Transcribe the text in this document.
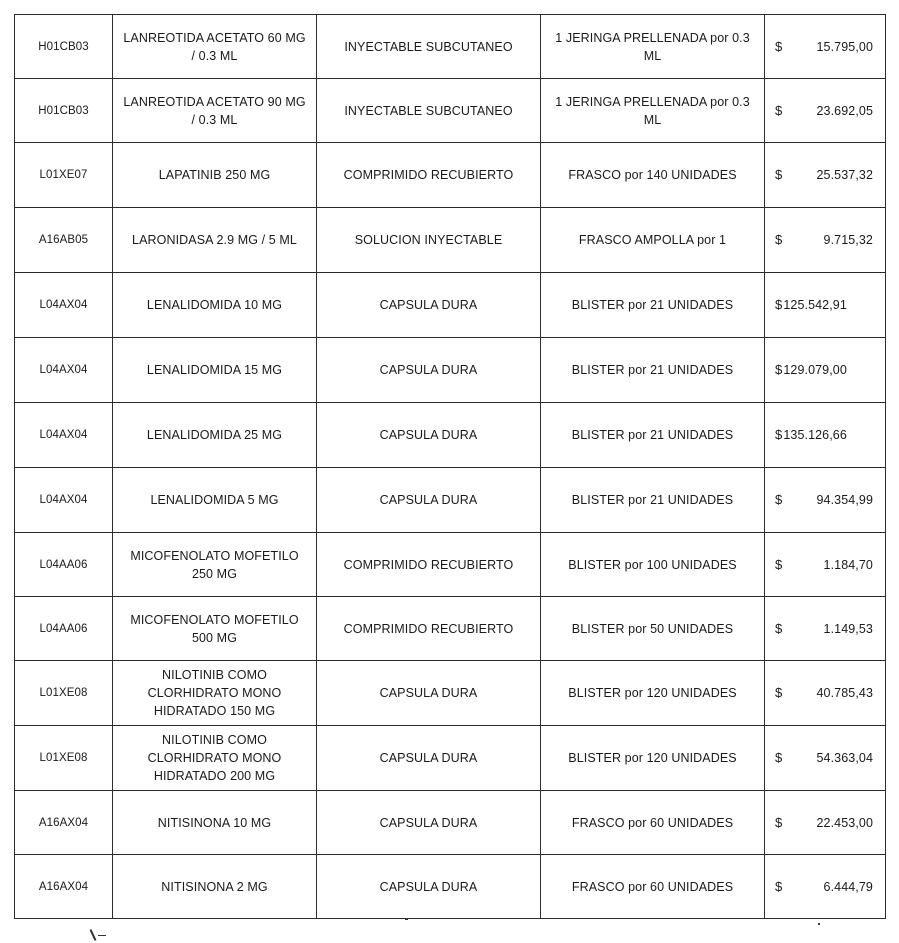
H01CB03	LANREOTIDA ACETATO 60 MG / 0.3 ML	INYECTABLE SUBCUTANEO	1 JERINGA PRELLENADA por 0.3 ML	$ 15.795,00

H01CB03	LANREOTIDA ACETATO 90 MG / 0.3 ML	INYECTABLE SUBCUTANEO	1 JERINGA PRELLENADA por 0.3 ML	$ 23.692,05

L01XE07	LAPATINIB 250 MG	COMPRIMIDO RECUBIERTO	FRASCO por 140 UNIDADES	$ 25.537,32

A16AB05	LARONIDASA 2.9 MG / 5 ML	SOLUCION INYECTABLE	FRASCO AMPOLLA por 1	$ 9.715,32

L04AX04	LENALIDOMIDA 10 MG	CAPSULA DURA	BLISTER por 21 UNIDADES	$ 125.542,91

L04AX04	LENALIDOMIDA 15 MG	CAPSULA DURA	BLISTER por 21 UNIDADES	$ 129.079,00

L04AX04	LENALIDOMIDA 25 MG	CAPSULA DURA	BLISTER por 21 UNIDADES	$ 135.126,66

L04AX04	LENALIDOMIDA 5 MG	CAPSULA DURA	BLISTER por 21 UNIDADES	$ 94.354,99

L04AA06	MICOFENOLATO MOFETILO 250 MG	COMPRIMIDO RECUBIERTO	BLISTER por 100 UNIDADES	$ 1.184,70

L04AA06	MICOFENOLATO MOFETILO 500 MG	COMPRIMIDO RECUBIERTO	BLISTER por 50 UNIDADES	$ 1.149,53

L01XE08	NILOTINIB COMO CLORHIDRATO MONO HIDRATADO 150 MG	CAPSULA DURA	BLISTER por 120 UNIDADES	$ 40.785,43

L01XE08	NILOTINIB COMO CLORHIDRATO MONO HIDRATADO 200 MG	CAPSULA DURA	BLISTER por 120 UNIDADES	$ 54.363,04

A16AX04	NITISINONA 10 MG	CAPSULA DURA	FRASCO por 60 UNIDADES	$ 22.453,00

A16AX04	NITISINONA 2 MG	CAPSULA DURA	FRASCO por 60 UNIDADES	$ 6.444,79
